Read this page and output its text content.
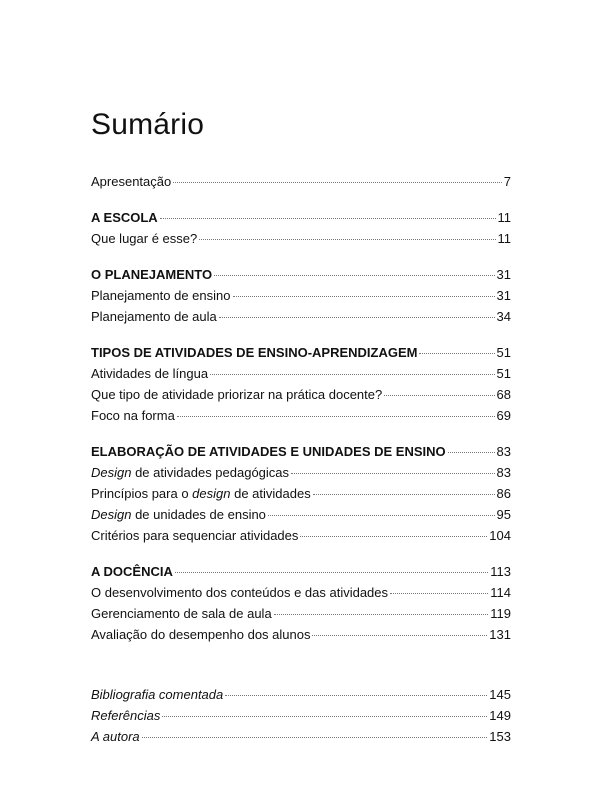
Sumário
Apresentação	7
A ESCOLA	11
Que lugar é esse?	11
O PLANEJAMENTO	31
Planejamento de ensino	31
Planejamento de aula	34
TIPOS DE ATIVIDADES DE ENSINO-APRENDIZAGEM	51
Atividades de língua	51
Que tipo de atividade priorizar na prática docente?	68
Foco na forma	69
ELABORAÇÃO DE ATIVIDADES E UNIDADES DE ENSINO	83
Design de atividades pedagógicas	83
Princípios para o design de atividades	86
Design de unidades de ensino	95
Critérios para sequenciar atividades	104
A DOCÊNCIA	113
O desenvolvimento dos conteúdos e das atividades	114
Gerenciamento de sala de aula	119
Avaliação do desempenho dos alunos	131
Bibliografia comentada	145
Referências	149
A autora	153
